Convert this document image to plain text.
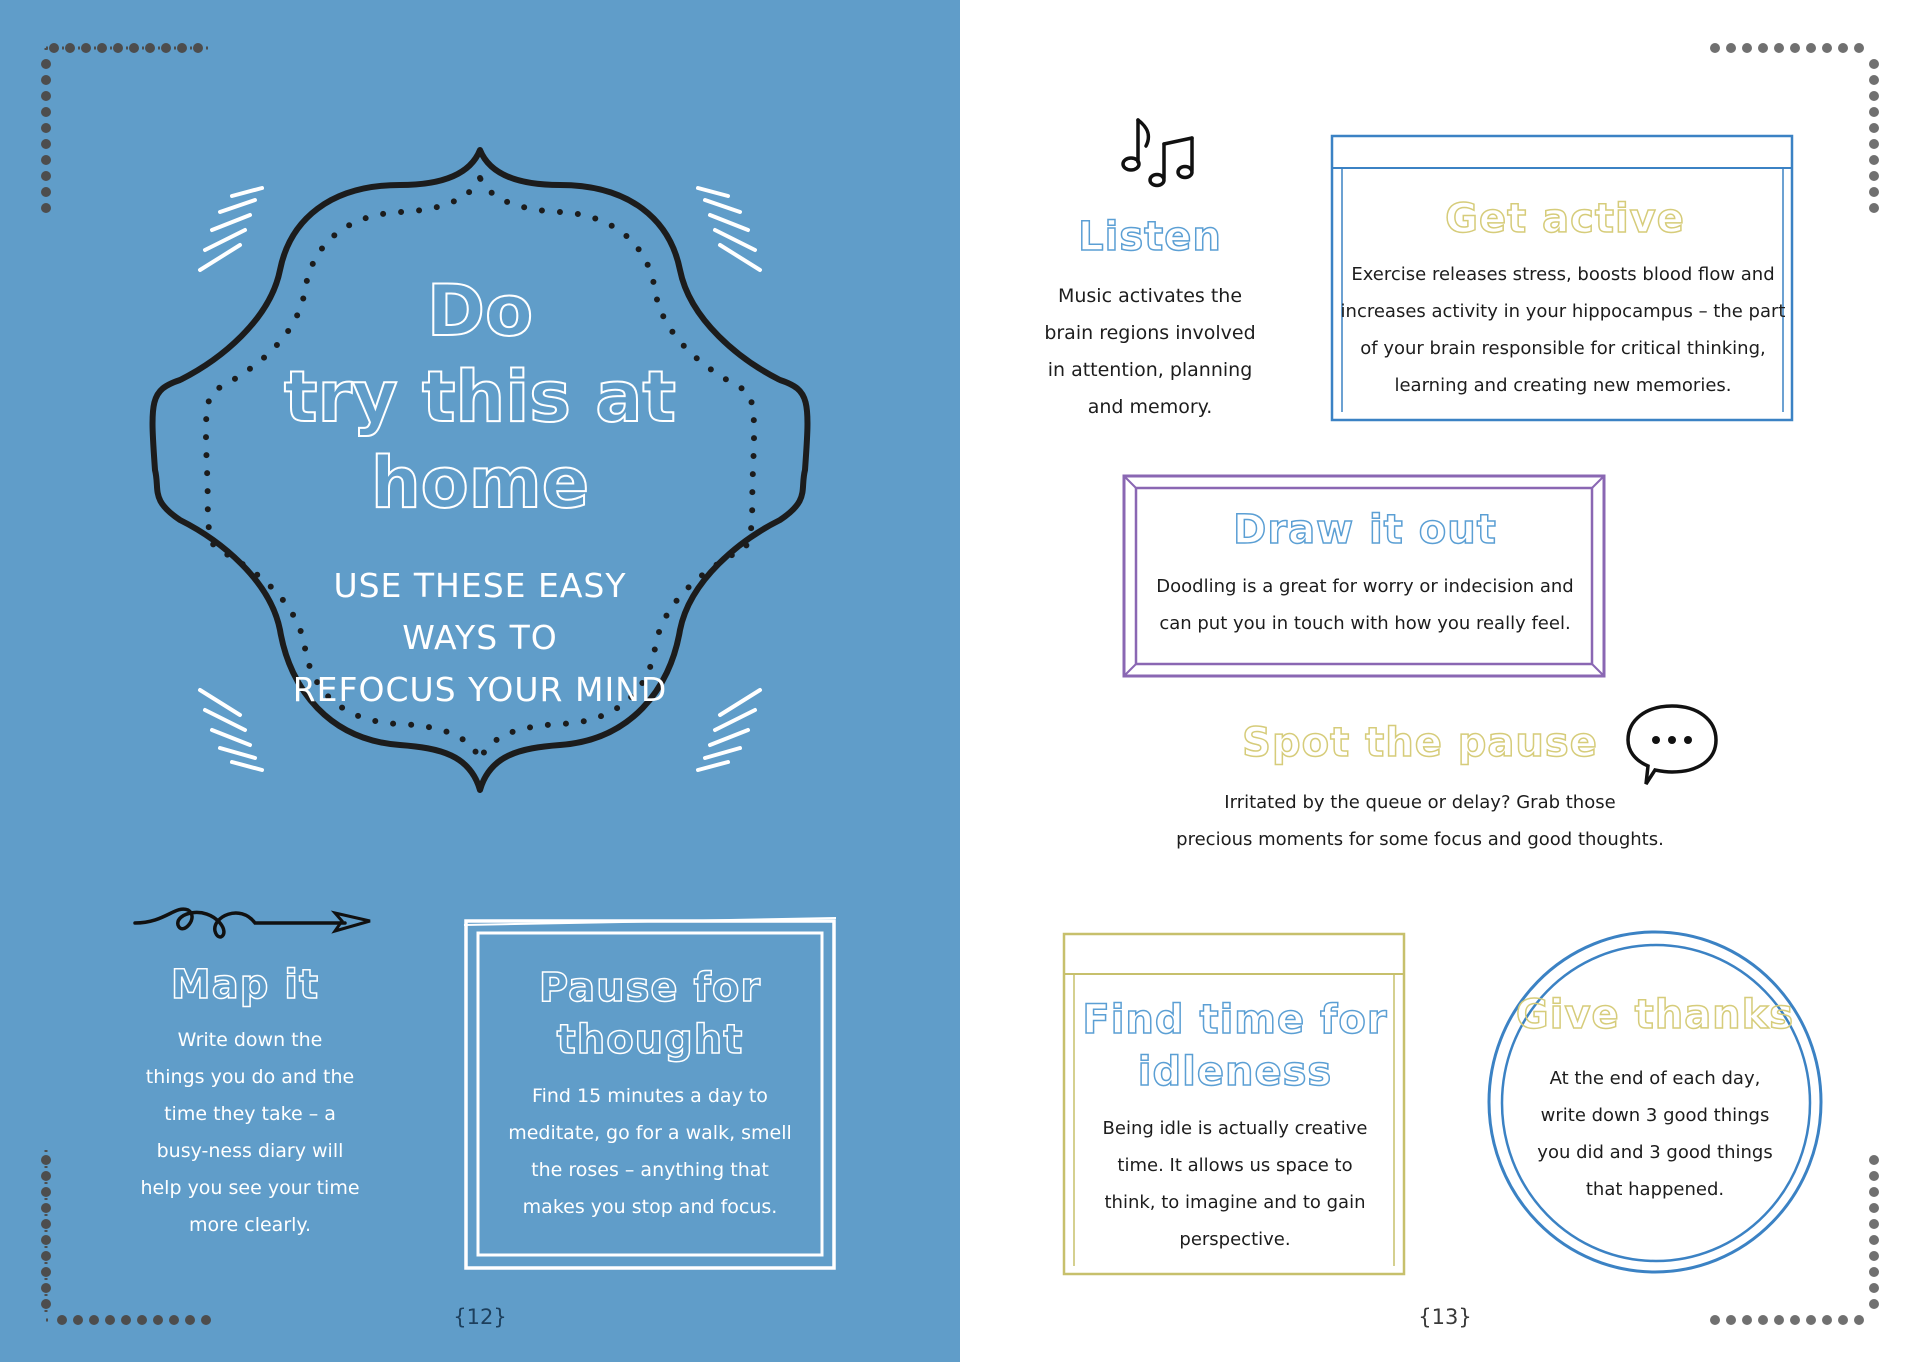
Do
try this at
home
USE THESE EASY WAYS TO
REFOCUS YOUR MIND
Map it
Write down the
things you do and the
time they take – a
busy-ness diary will
help you see your time
more clearly.
Pause for
thought
Find 15 minutes a day to
meditate, go for a walk, smell
the roses – anything that
makes you stop and focus.
{12}
Listen
Music activates the
brain regions involved
in attention, planning
and memory.
Get active
Exercise releases stress, boosts blood flow and
increases activity in your hippocampus – the part
of your brain responsible for critical thinking,
learning and creating new memories.
Draw it out
Doodling is a great for worry or indecision and
can put you in touch with how you really feel.
Spot the pause
Irritated by the queue or delay? Grab those
precious moments for some focus and good thoughts.
Find time for
idleness
Being idle is actually creative
time. It allows us space to
think, to imagine and to gain
perspective.
Give thanks
At the end of each day,
write down 3 good things
you did and 3 good things
that happened.
{13}
